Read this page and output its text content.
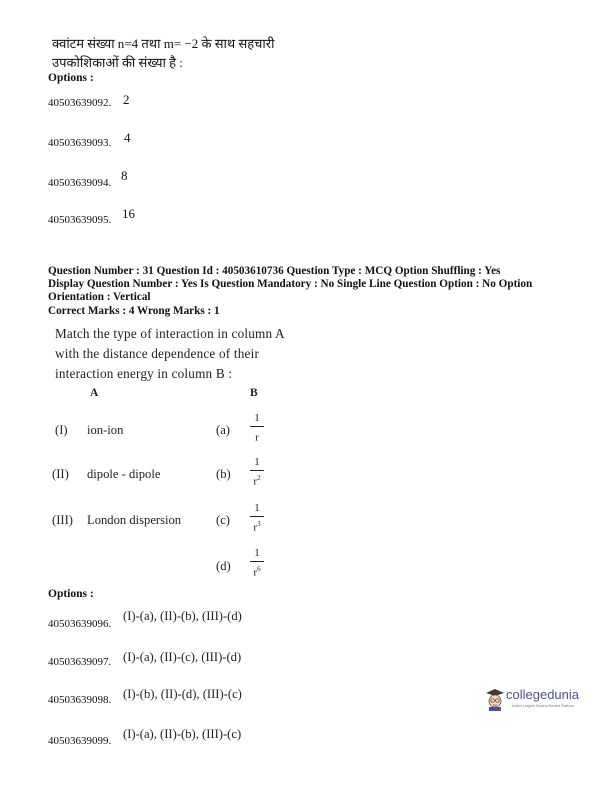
क्वांटम संख्या n=4 तथा m= −2 के साथ सहचारी
उपकोशिकाओं की संख्या है :
Options :
40503639092. 2
40503639093. 4
40503639094. 8
40503639095. 16
Question Number : 31 Question Id : 40503610736 Question Type : MCQ Option Shuffling : Yes
Display Question Number : Yes Is Question Mandatory : No Single Line Question Option : No Option
Orientation : Vertical
Correct Marks : 4 Wrong Marks : 1
Match the type of interaction in column A
with the distance dependence of their
interaction energy in column B :
A	B
(I) ion-ion	(a)
1
r
(II) dipole - dipole	(b)
1
$r^2$
(III) London dispersion	(c)
1
$r^3$
(d)
1
$r^6$
Options :
40503639096.
(I)-(a), (II)-(b), (III)-(d)
40503639097. (I)-(a), (II)-(c), (III)-(d)
40503639098. (I)-(b), (II)-(d), (III)-(c)
40503639099. (I)-(a), (II)-(b), (III)-(c)
collegedunia
India's Largest Student Review Platform
